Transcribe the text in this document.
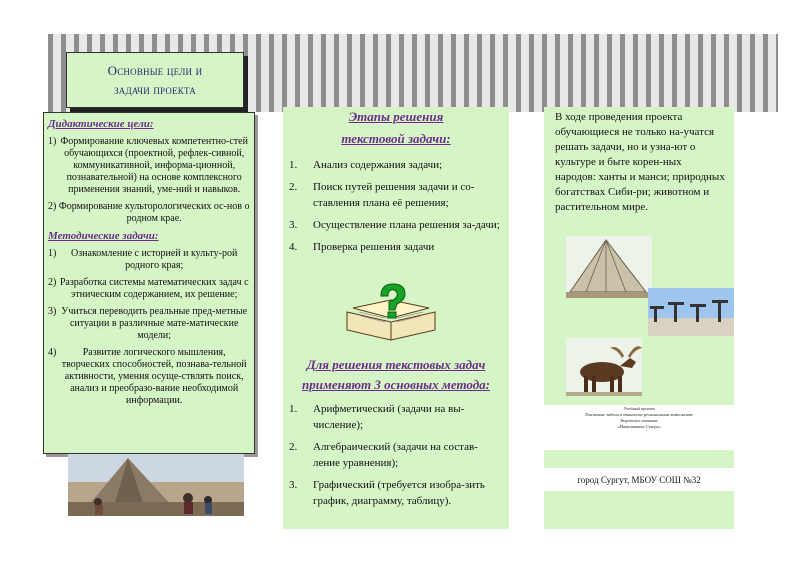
Основные цели и
задачи проекта
Дидактические цели:
1) Формирование ключевых компетентно-стей обучающихся (проектной, рефлек-сивной, коммуникативной, информа-ционной, познавательной) на основе комплексного применения знаний, уме-ний и навыков.
2) Формирование культорологических ос-нов о родном крае.
Методические задачи:
1)	Ознакомление с историей и культу-рой родного края;
2) Разработка системы математических задач с этническим содержанием, их решение;
3) Учиться переводить реальные пред-метные ситуации в различные мате-матические модели;
4)	Развитие логического мышления, творческих способностей, познава-тельной активности, умения осуще-ствлять поиск, анализ и преобразо-вание необходимой информации.
Этапы решения
текстовой задачи:
1.	Анализ содержания задачи;
2.	Поиск путей решения задачи и со-ставления плана её решения;
3.	Осуществление плана решения за-дачи;
4.	Проверка решения задачи
Для решения текстовых задач
применяют 3 основных метода:
1.	Арифметический (задачи на вы-числение);
2.	Алгебраический (задачи на состав-ление уравнения);
3.	Графический (требуется изобра-зить график, диаграмму, таблицу).
В ходе проведения проекта обучающиеся не только на-учатся решать задачи, но и узна-ют о культуре и быте корен-ных народов: ханты и манси; природных богатствах Сиби-ри; животном и растительном мире.
Учебный проект
Текстовые задачи в этнически-региональном компоненте
Творческое название
«Математика Севера»
город Сургут, МБОУ СОШ №32
